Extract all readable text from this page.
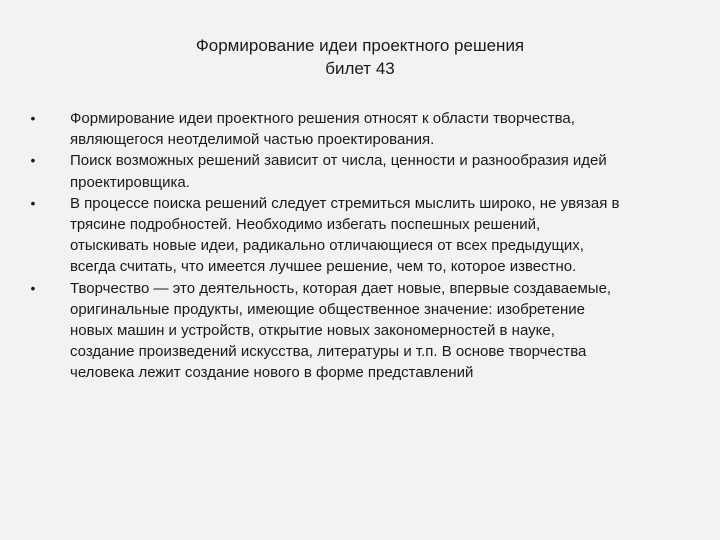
Формирование идеи проектного решения
билет 43
• Формирование идеи проектного решения относят к области творчества,
являющегося неотделимой частью проектирования.
• Поиск возможных решений зависит от числа, ценности и разнообразия идей
проектировщика.
• В процессе поиска решений следует стремиться мыслить широко, не увязая в
трясине подробностей. Необходимо избегать поспешных решений,
отыскивать новые идеи, радикально отличающиеся от всех предыдущих,
всегда считать, что имеется лучшее решение, чем то, которое известно.
• Творчество — это деятельность, которая дает новые, впервые создаваемые,
оригинальные продукты, имеющие общественное значение: изобретение
новых машин и устройств, открытие новых закономерностей в науке,
создание произведений искусства, литературы и т.п. В основе творчества
человека лежит создание нового в форме представлений
